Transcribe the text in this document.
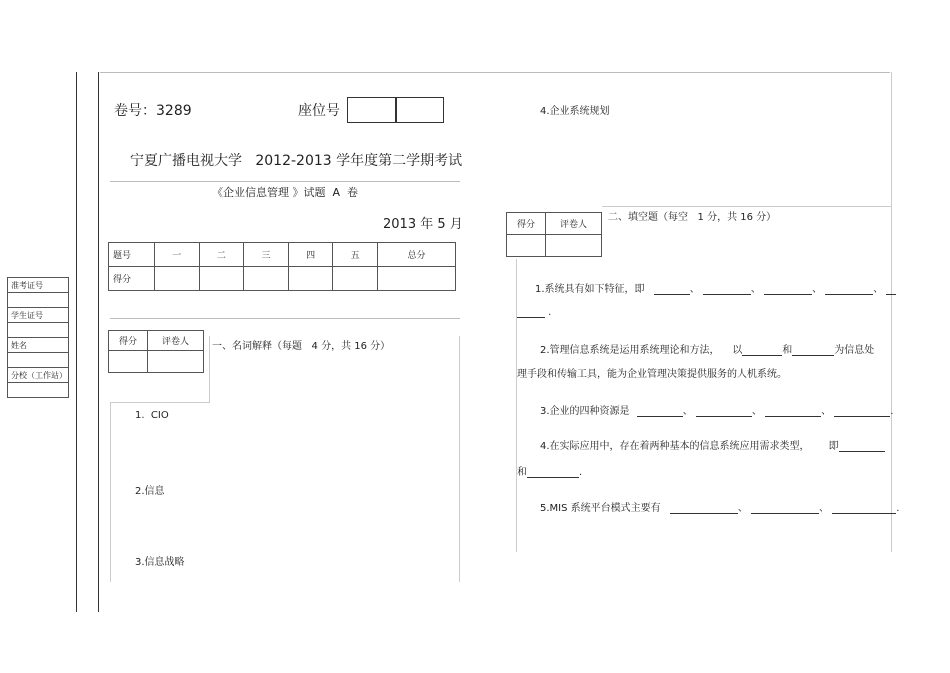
准考证号

学生证号

姓名

分校（工作站）

卷号：3289	座位号
宁夏广播电视大学   2012-2013 学年度第二学期考试
《企业信息管理 》试题  A  卷
2013 年 5 月
题号	一	二	三	四	五	总分
得分						
得分	评卷人
	一、名词解释（每题   4 分，共 16 分）
1.  CIO
2.信息
3.信息战略
4.企业系统规划
得分	评卷人

二、填空题（每空   1 分，共 16 分）
1.系统具有如下特征，即	、	、	、	、
.
2.管理信息系统是运用系统理论和方法，    以	和	为信息处
理手段和传输工具，能为企业管理决策提供服务的人机系统。
3.企业的四种资源是	、	、	、	.
4.在实际应用中，存在着两种基本的信息系统应用需求类型，      即
和	.
5.MIS 系统平台模式主要有	、	、	.
